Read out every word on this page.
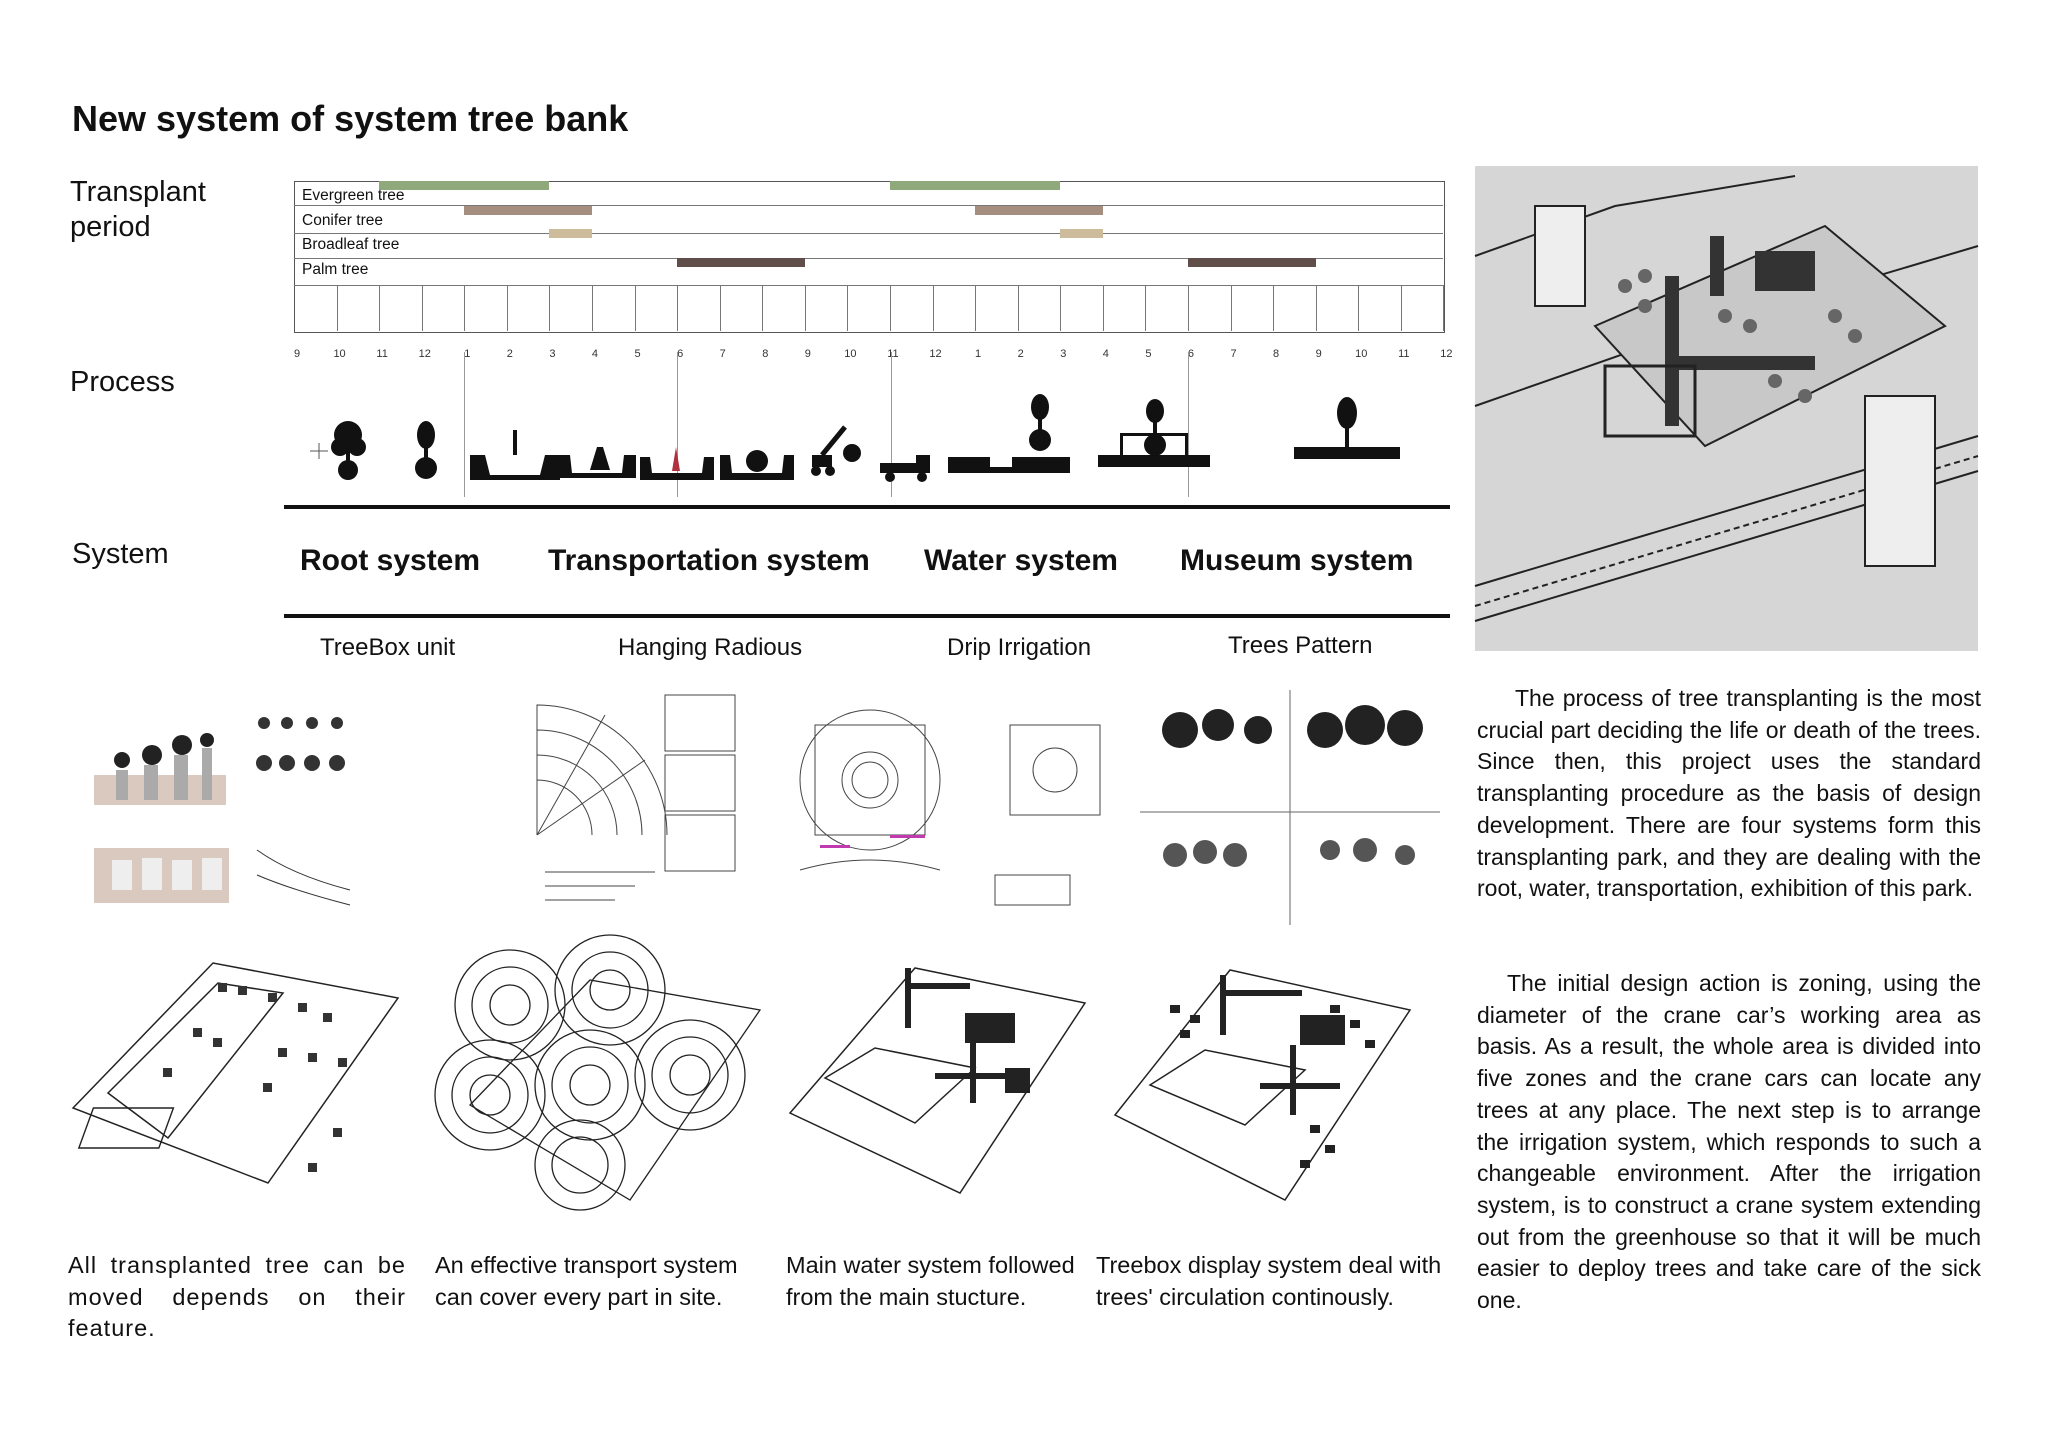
New system of system tree bank
Transplant
period
Process
System
9	10	11	12	1	2	3	4	5	6	7	8	9	10	11	12	1	2	3	4	5	6	7	8	9	10	11	12
Evergreen tree
Conifer tree
Broadleaf tree
Palm tree
Root system Transportation system Water system Museum system
TreeBox unit	Hanging Radious	Drip Irrigation	Trees Pattern
All transplanted tree can be moved depends on their feature.
An effective transport system can cover every part in site.
Main water system followed from the main stucture.
Treebox display system deal with trees' circulation continously.
The process of tree transplanting is the most crucial part deciding the life or death of the trees. Since then, this project uses the standard transplanting procedure as the basis of design development. There are four systems form this transplanting park, and they are dealing with the root, water, transportation, exhibition of this park.
The initial design action is zoning, using the diameter of the crane car’s working area as basis. As a result, the whole area is divided into five zones and the crane cars can locate any trees at any place. The next step is to arrange the irrigation system, which responds to such a changeable environment. After the irrigation system, is to construct a crane system extending out from the greenhouse so that it will be much easier to deploy trees and take care of the sick one.
